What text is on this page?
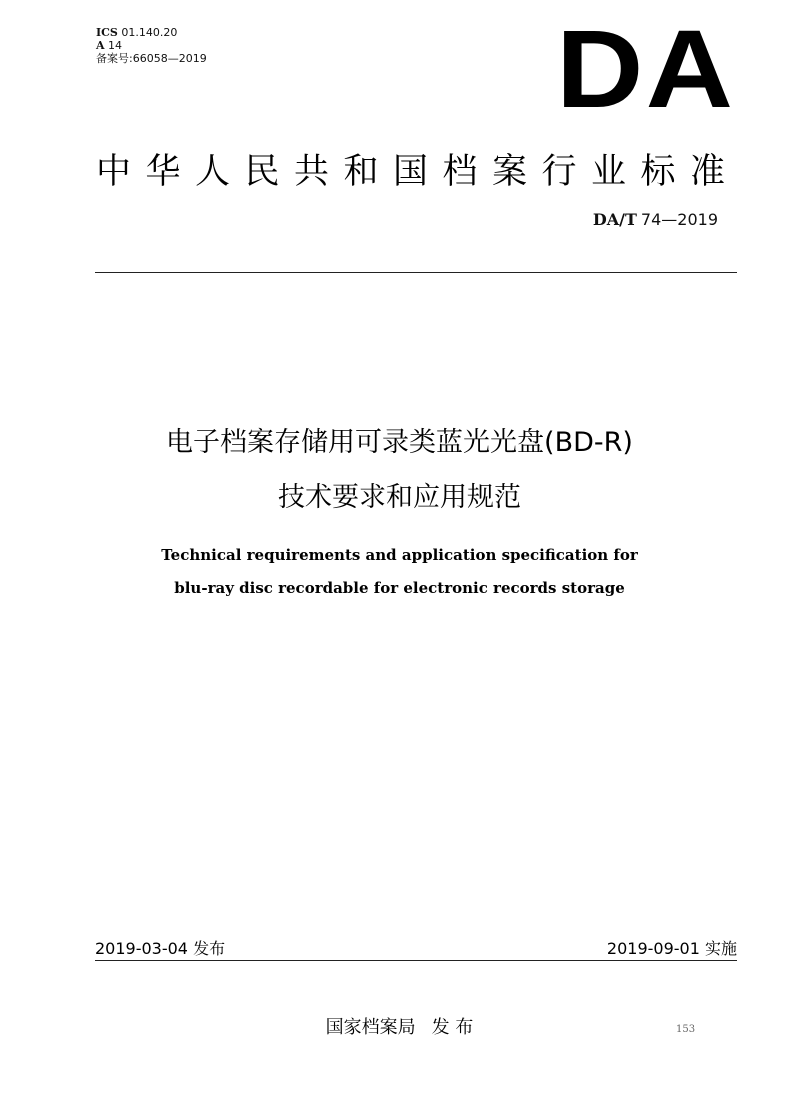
ICS 01.140.20
A 14
备案号:66058—2019	DA
中华人民共和国档案行业标准
DA/T 74—2019
电子档案存储用可录类蓝光光盘(BD-R)
技术要求和应用规范
Technical requirements and application specification for
blu-ray disc recordable for electronic records storage
2019-03-04 发布	2019-09-01 实施
国家档案局 发 布	153
